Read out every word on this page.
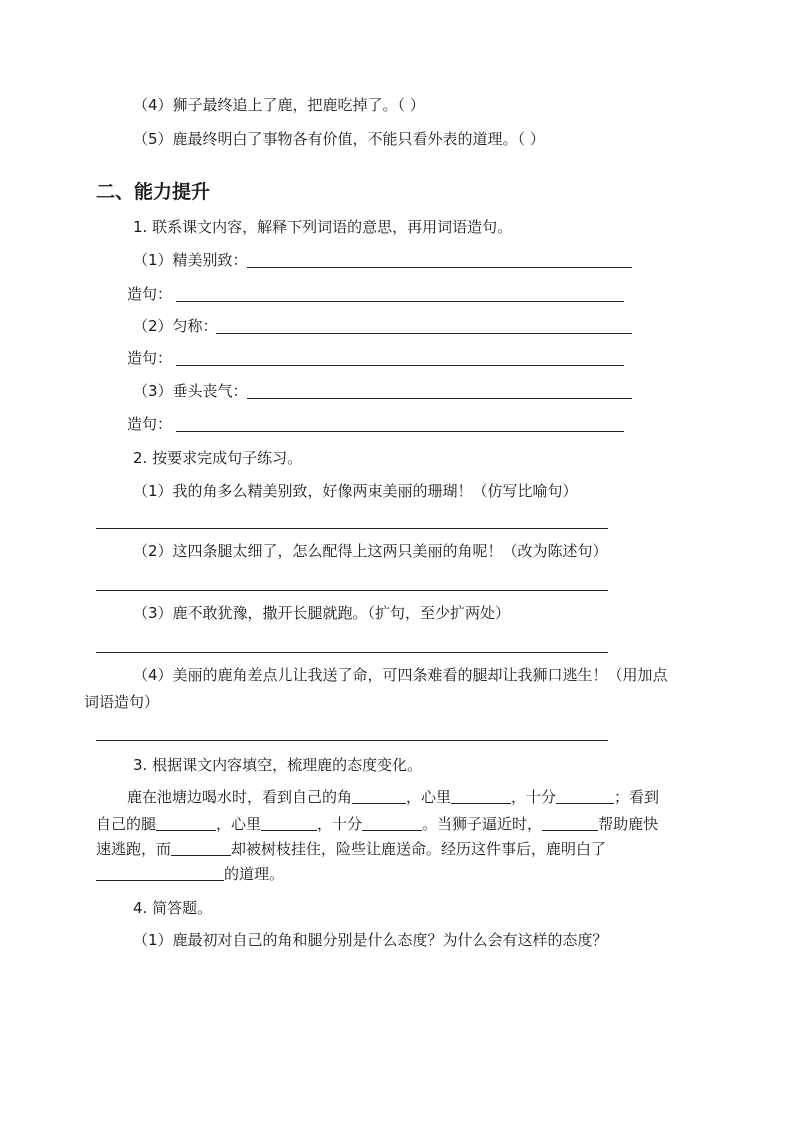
（4）狮子最终追上了鹿，把鹿吃掉了。（ ）
（5）鹿最终明白了事物各有价值，不能只看外表的道理。（ ）
二、能力提升
1. 联系课文内容，解释下列词语的意思，再用词语造句。
（1）精美别致：
造句：
（2）匀称：
造句：
（3）垂头丧气：
造句：
2. 按要求完成句子练习。
（1）我的角多么精美别致，好像两束美丽的珊瑚！（仿写比喻句）
（2）这四条腿太细了，怎么配得上这两只美丽的角呢！（改为陈述句）
（3）鹿不敢犹豫，撒开长腿就跑。（扩句，至少扩两处）
（4）美丽的鹿角差点儿让我送了命，可四条难看的腿却让我狮口逃生！（用加点
词语造句）
3. 根据课文内容填空，梳理鹿的态度变化。
鹿在池塘边喝水时，看到自己的角	，心里	，十分	；看到
自己的腿	，心里	，十分	。当狮子逼近时，	帮助鹿快
速逃跑，而	却被树枝挂住，险些让鹿送命。经历这件事后，鹿明白了
的道理。
4. 简答题。
（1）鹿最初对自己的角和腿分别是什么态度？为什么会有这样的态度？
